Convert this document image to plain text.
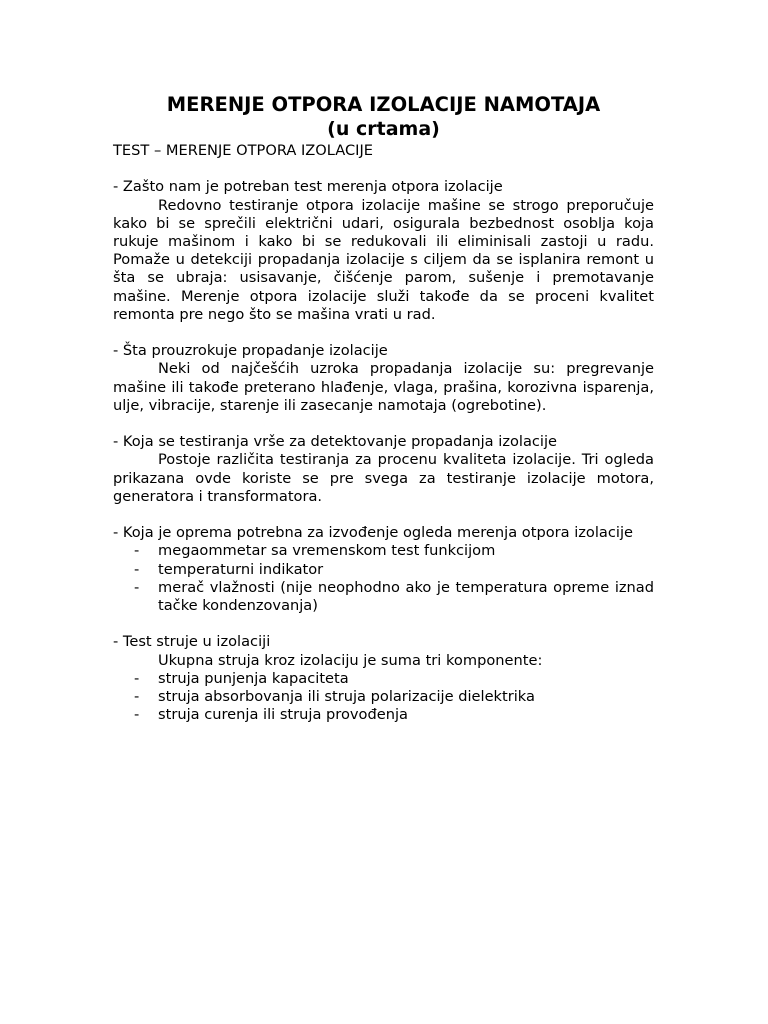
MERENJE OTPORA IZOLACIJE NAMOTAJA
(u crtama)

TEST – MERENJE OTPORA IZOLACIJE

- Zašto nam je potreban test merenja otpora izolacije

Redovno testiranje otpora izolacije mašine se strogo preporučuje kako bi se sprečili električni udari, osigurala bezbednost osoblja koja rukuje mašinom i kako bi se redukovali ili eliminisali zastoji u radu. Pomaže u detekciji propadanja izolacije s ciljem da se isplanira remont u šta se ubraja: usisavanje, čišćenje parom, sušenje i premotavanje mašine. Merenje otpora izolacije služi takođe da se proceni kvalitet remonta pre nego što se mašina vrati u rad.

- Šta prouzrokuje propadanje izolacije

Neki od najčešćih uzroka propadanja izolacije su: pregrevanje mašine ili takođe preterano hlađenje, vlaga, prašina, korozivna isparenja, ulje, vibracije, starenje ili zasecanje namotaja (ogrebotine).

- Koja se testiranja vrše za detektovanje propadanja izolacije

Postoje različita testiranja za procenu kvaliteta izolacije. Tri ogleda prikazana ovde koriste se pre svega za testiranje izolacije motora, generatora i transformatora.

- Koja je oprema potrebna za izvođenje ogleda merenja otpora izolacije

- megaommetar sa vremenskom test funkcijom
- temperaturni indikator
- merač vlažnosti (nije neophodno ako je temperatura opreme iznad tačke kondenzovanja)

- Test struje u izolaciji

Ukupna struja kroz izolaciju je suma tri komponente:

- struja punjenja kapaciteta
- struja absorbovanja ili struja polarizacije dielektrika
- struja curenja ili struja provođenja
